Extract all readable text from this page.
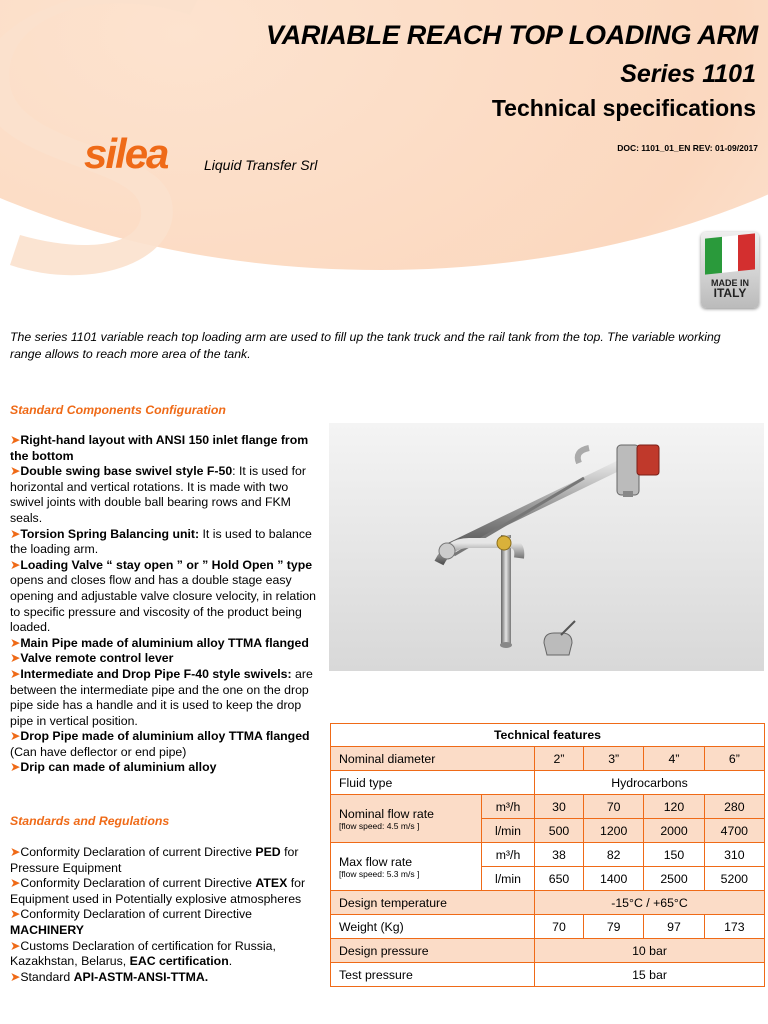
VARIABLE REACH TOP LOADING ARM
Series 1101
Technical specifications
DOC: 1101_01_EN REV: 01-09/2017
silea	Liquid Transfer Srl
MADE IN
ITALY
The series 1101 variable reach top loading arm are used to fill up the tank truck and the rail tank from the top. The variable working range allows to reach more area of the tank.
Standard Components Configuration

➤Right-hand layout with ANSI 150 inlet flange from the bottom

➤Double swing base swivel style F-50: It is used for horizontal and vertical rotations. It is made with two swivel joints with double ball bearing rows and FKM seals.

➤Torsion Spring Balancing unit: It is used to balance the loading arm.

➤Loading Valve “ stay open ” or ” Hold Open ” type opens and closes flow and has a double stage easy opening and adjustable valve closure velocity, in relation to specific pressure and viscosity of the product being loaded.

➤Main Pipe made of aluminium alloy TTMA flanged

➤Valve remote control lever

➤Intermediate and Drop Pipe F-40 style swivels: are between the intermediate pipe and the one on the drop pipe side has a handle and it is used to keep the drop pipe in vertical position.

➤Drop Pipe made of aluminium alloy TTMA flanged (Can have deflector or end pipe)

➤Drip can made of aluminium alloy

Standards and Regulations

➤Conformity Declaration of current Directive PED for Pressure Equipment

➤Conformity Declaration of current Directive ATEX for Equipment used in Potentially explosive atmospheres

➤Conformity Declaration of current Directive MACHINERY

➤Customs Declaration of certification for Russia, Kazakhstan, Belarus, EAC certification.

➤Standard API-ASTM-ANSI-TTMA.

Technical features					
Nominal diameter		2”	3”	4”	6”
Fluid type		Hydrocarbons			
Nominal flow rate
[flow speed: 4.5 m/s ]	m³/h	30	70	120	280
	l/min	500	1200	2000	4700
Max flow rate
[flow speed: 5.3 m/s ]	m³/h	38	82	150	310
	l/min	650	1400	2500	5200
Design temperature		-15°C / +65°C			
Weight (Kg)		70	79	97	173
Design pressure		10 bar			
Test pressure		15 bar			
